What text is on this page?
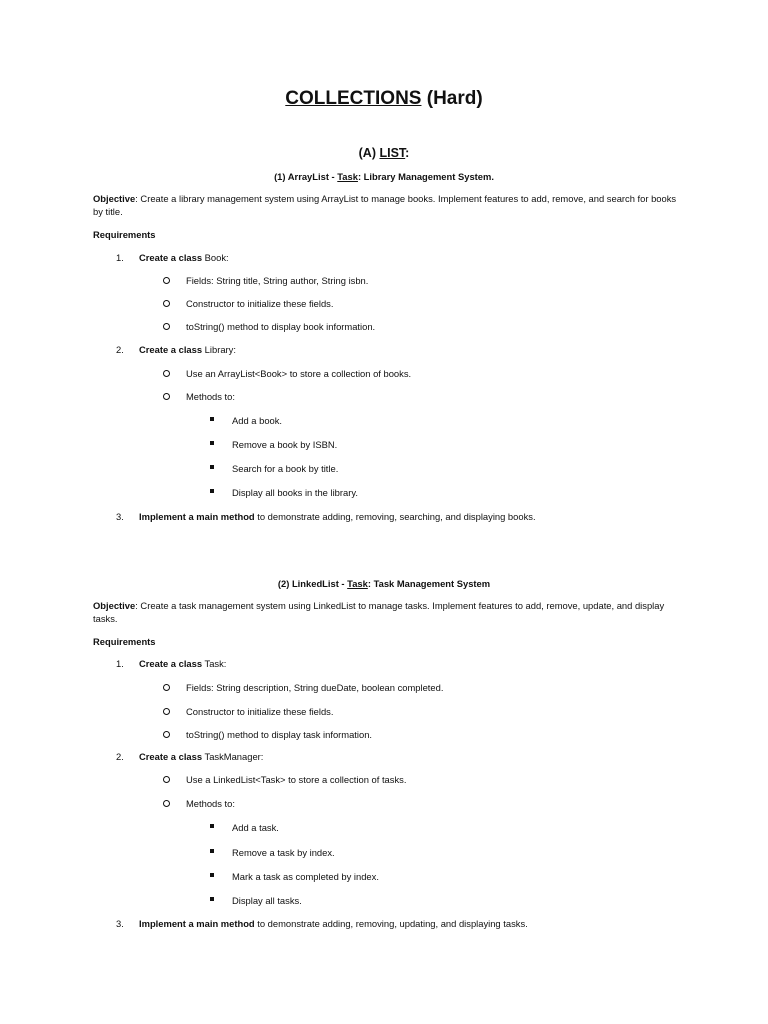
COLLECTIONS (Hard)
(A) LIST:
(1) ArrayList - Task: Library Management System.
Objective: Create a library management system using ArrayList to manage books. Implement features to add, remove, and search for books by title.
Requirements
1.	Create a class Book:
Fields: String title, String author, String isbn.
Constructor to initialize these fields.
toString() method to display book information.
2.	Create a class Library:
Use an ArrayList<Book> to store a collection of books.
Methods to:
Add a book.
Remove a book by ISBN.
Search for a book by title.
Display all books in the library.
3.	Implement a main method to demonstrate adding, removing, searching, and displaying books.
(2) LinkedList - Task: Task Management System
Objective: Create a task management system using LinkedList to manage tasks. Implement features to add, remove, update, and display tasks.
Requirements
1.	Create a class Task:
Fields: String description, String dueDate, boolean completed.
Constructor to initialize these fields.
toString() method to display task information.
2.	Create a class TaskManager:
Use a LinkedList<Task> to store a collection of tasks.
Methods to:
Add a task.
Remove a task by index.
Mark a task as completed by index.
Display all tasks.
3.	Implement a main method to demonstrate adding, removing, updating, and displaying tasks.
